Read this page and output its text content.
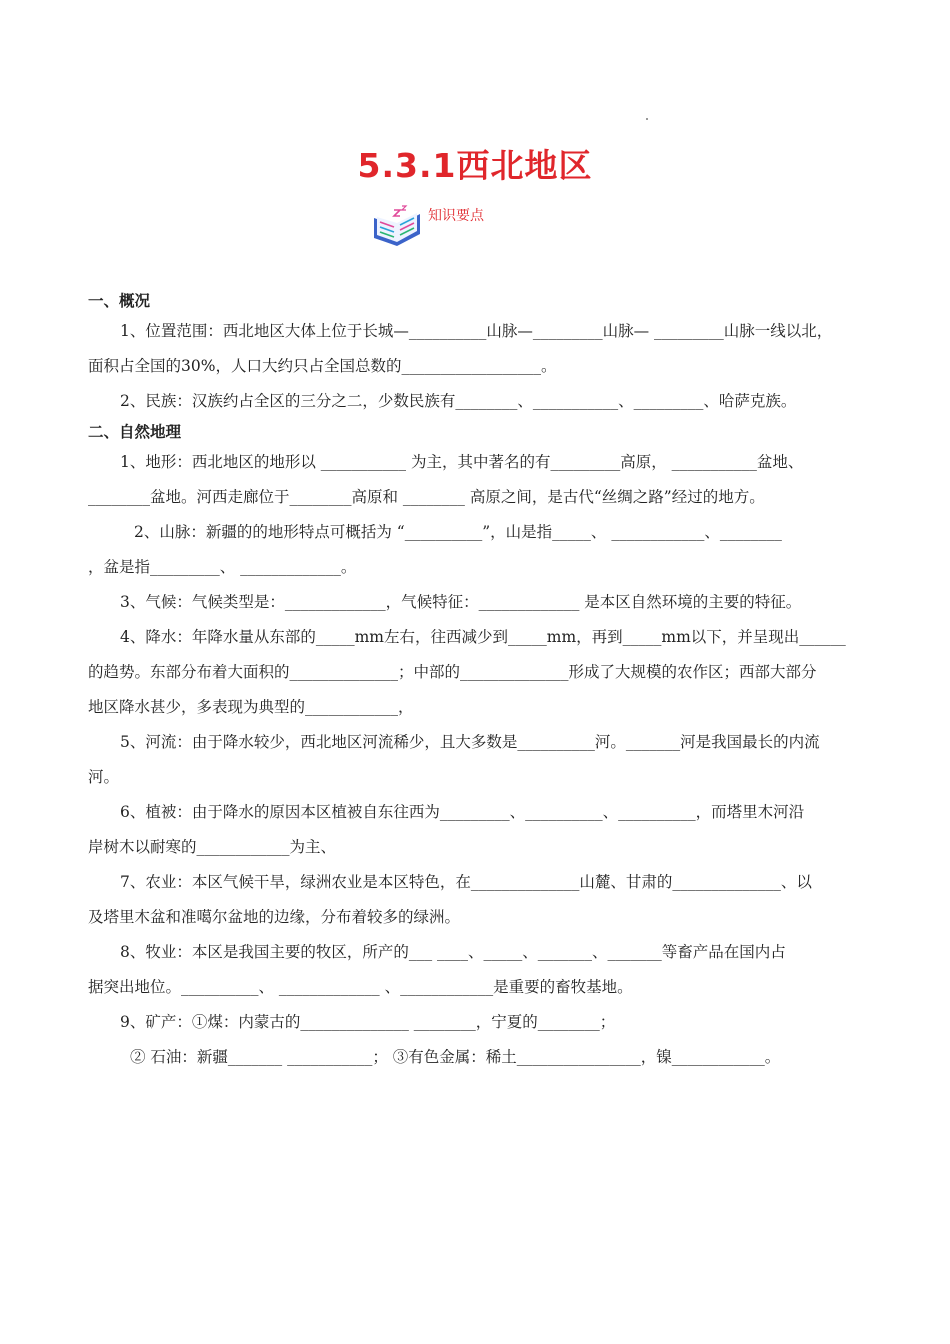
5.3.1西北地区
知识要点

一、概况

1、位置范围：西北地区大体上位于长城—__________山脉—_________山脉— _________山脉一线以北，

面积占全国的30%，人口大约只占全国总数的__________________。

2、民族：汉族约占全区的三分之二，少数民族有________、___________、_________、哈萨克族。

二、自然地理

1、地形：西北地区的地形以 ___________ 为主，其中著名的有_________高原， ___________盆地、

________盆地。河西走廊位于________高原和 ________ 高原之间，是古代“丝绸之路”经过的地方。

2、山脉：新疆的的地形特点可概括为 “__________”，山是指_____、 ____________、________

，盆是指_________、 _____________。

3、气候：气候类型是：_____________，气候特征：_____________ 是本区自然环境的主要的特征。

4、降水：年降水量从东部的_____mm左右，往西减少到_____mm，再到_____mm以下，并呈现出______

的趋势。东部分布着大面积的______________；中部的______________形成了大规模的农作区；西部大部分

地区降水甚少，多表现为典型的____________，

5、河流：由于降水较少，西北地区河流稀少，且大多数是__________河。_______河是我国最长的内流

河。

6、植被：由于降水的原因本区植被自东往西为_________、__________、__________，而塔里木河沿

岸树木以耐寒的____________为主、

7、农业：本区气候干旱，绿洲农业是本区特色，在______________山麓、甘肃的______________、以

及塔里木盆和准噶尔盆地的边缘，分布着较多的绿洲。

8、牧业：本区是我国主要的牧区，所产的___ ____、_____、_______、_______等畜产品在国内占

据突出地位。__________、 _____________ 、____________是重要的畜牧基地。

9、矿产：①煤：内蒙古的______________ ________，宁夏的________；

② 石油：新疆_______ ___________； ③有色金属：稀土________________，镍____________。
